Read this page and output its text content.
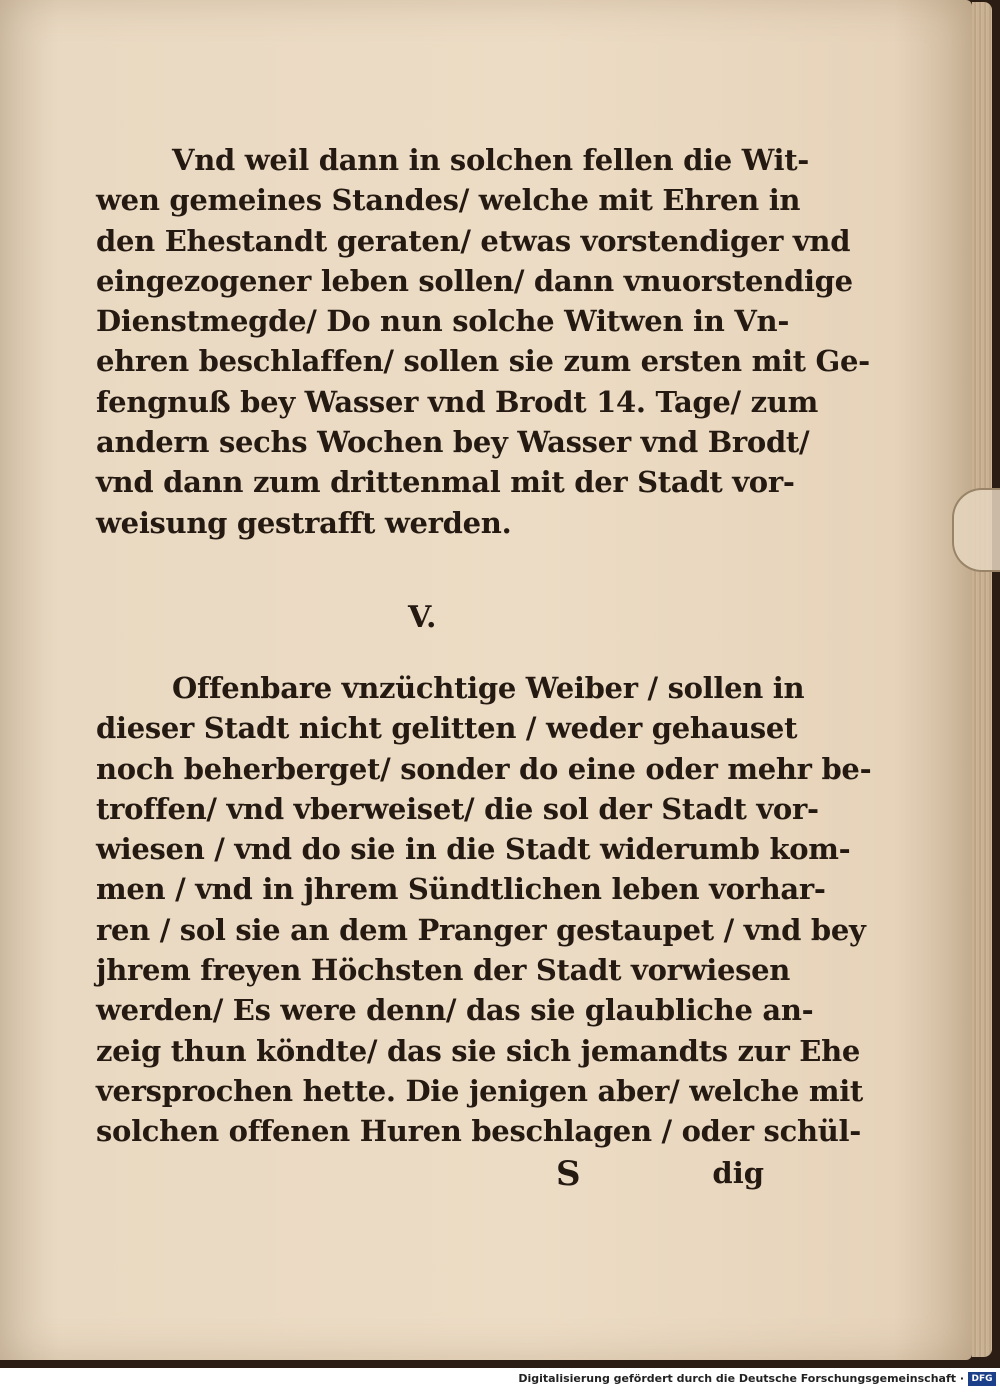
Vnd weil dann in solchen fellen die Wit-
wen gemeines Standes/ welche mit Ehren in
den Ehestandt geraten/ etwas vorstendiger vnd
eingezogener leben sollen/ dann vnuorstendige
Dienstmegde/ Do nun solche Witwen in Vn-
ehren beschlaffen/ sollen sie zum ersten mit Ge-
fengnuß bey Wasser vnd Brodt 14. Tage/ zum
andern sechs Wochen bey Wasser vnd Brodt/
vnd dann zum drittenmal mit der Stadt vor-
weisung gestrafft werden.
V.
Offenbare vnzüchtige Weiber / sollen in
dieser Stadt nicht gelitten / weder gehauset
noch beherberget/ sonder do eine oder mehr be-
troffen/ vnd vberweiset/ die sol der Stadt vor-
wiesen / vnd do sie in die Stadt widerumb kom-
men / vnd in jhrem Sündtlichen leben vorhar-
ren / sol sie an dem Pranger gestaupet / vnd bey
jhrem freyen Höchsten der Stadt vorwiesen
werden/ Es were denn/ das sie glaubliche an-
zeig thun köndte/ das sie sich jemandts zur Ehe
versprochen hette. Die jenigen aber/ welche mit
solchen offenen Huren beschlagen / oder schül-
S	dig
Digitalisierung gefördert durch die Deutsche Forschungsgemeinschaft · DFG
